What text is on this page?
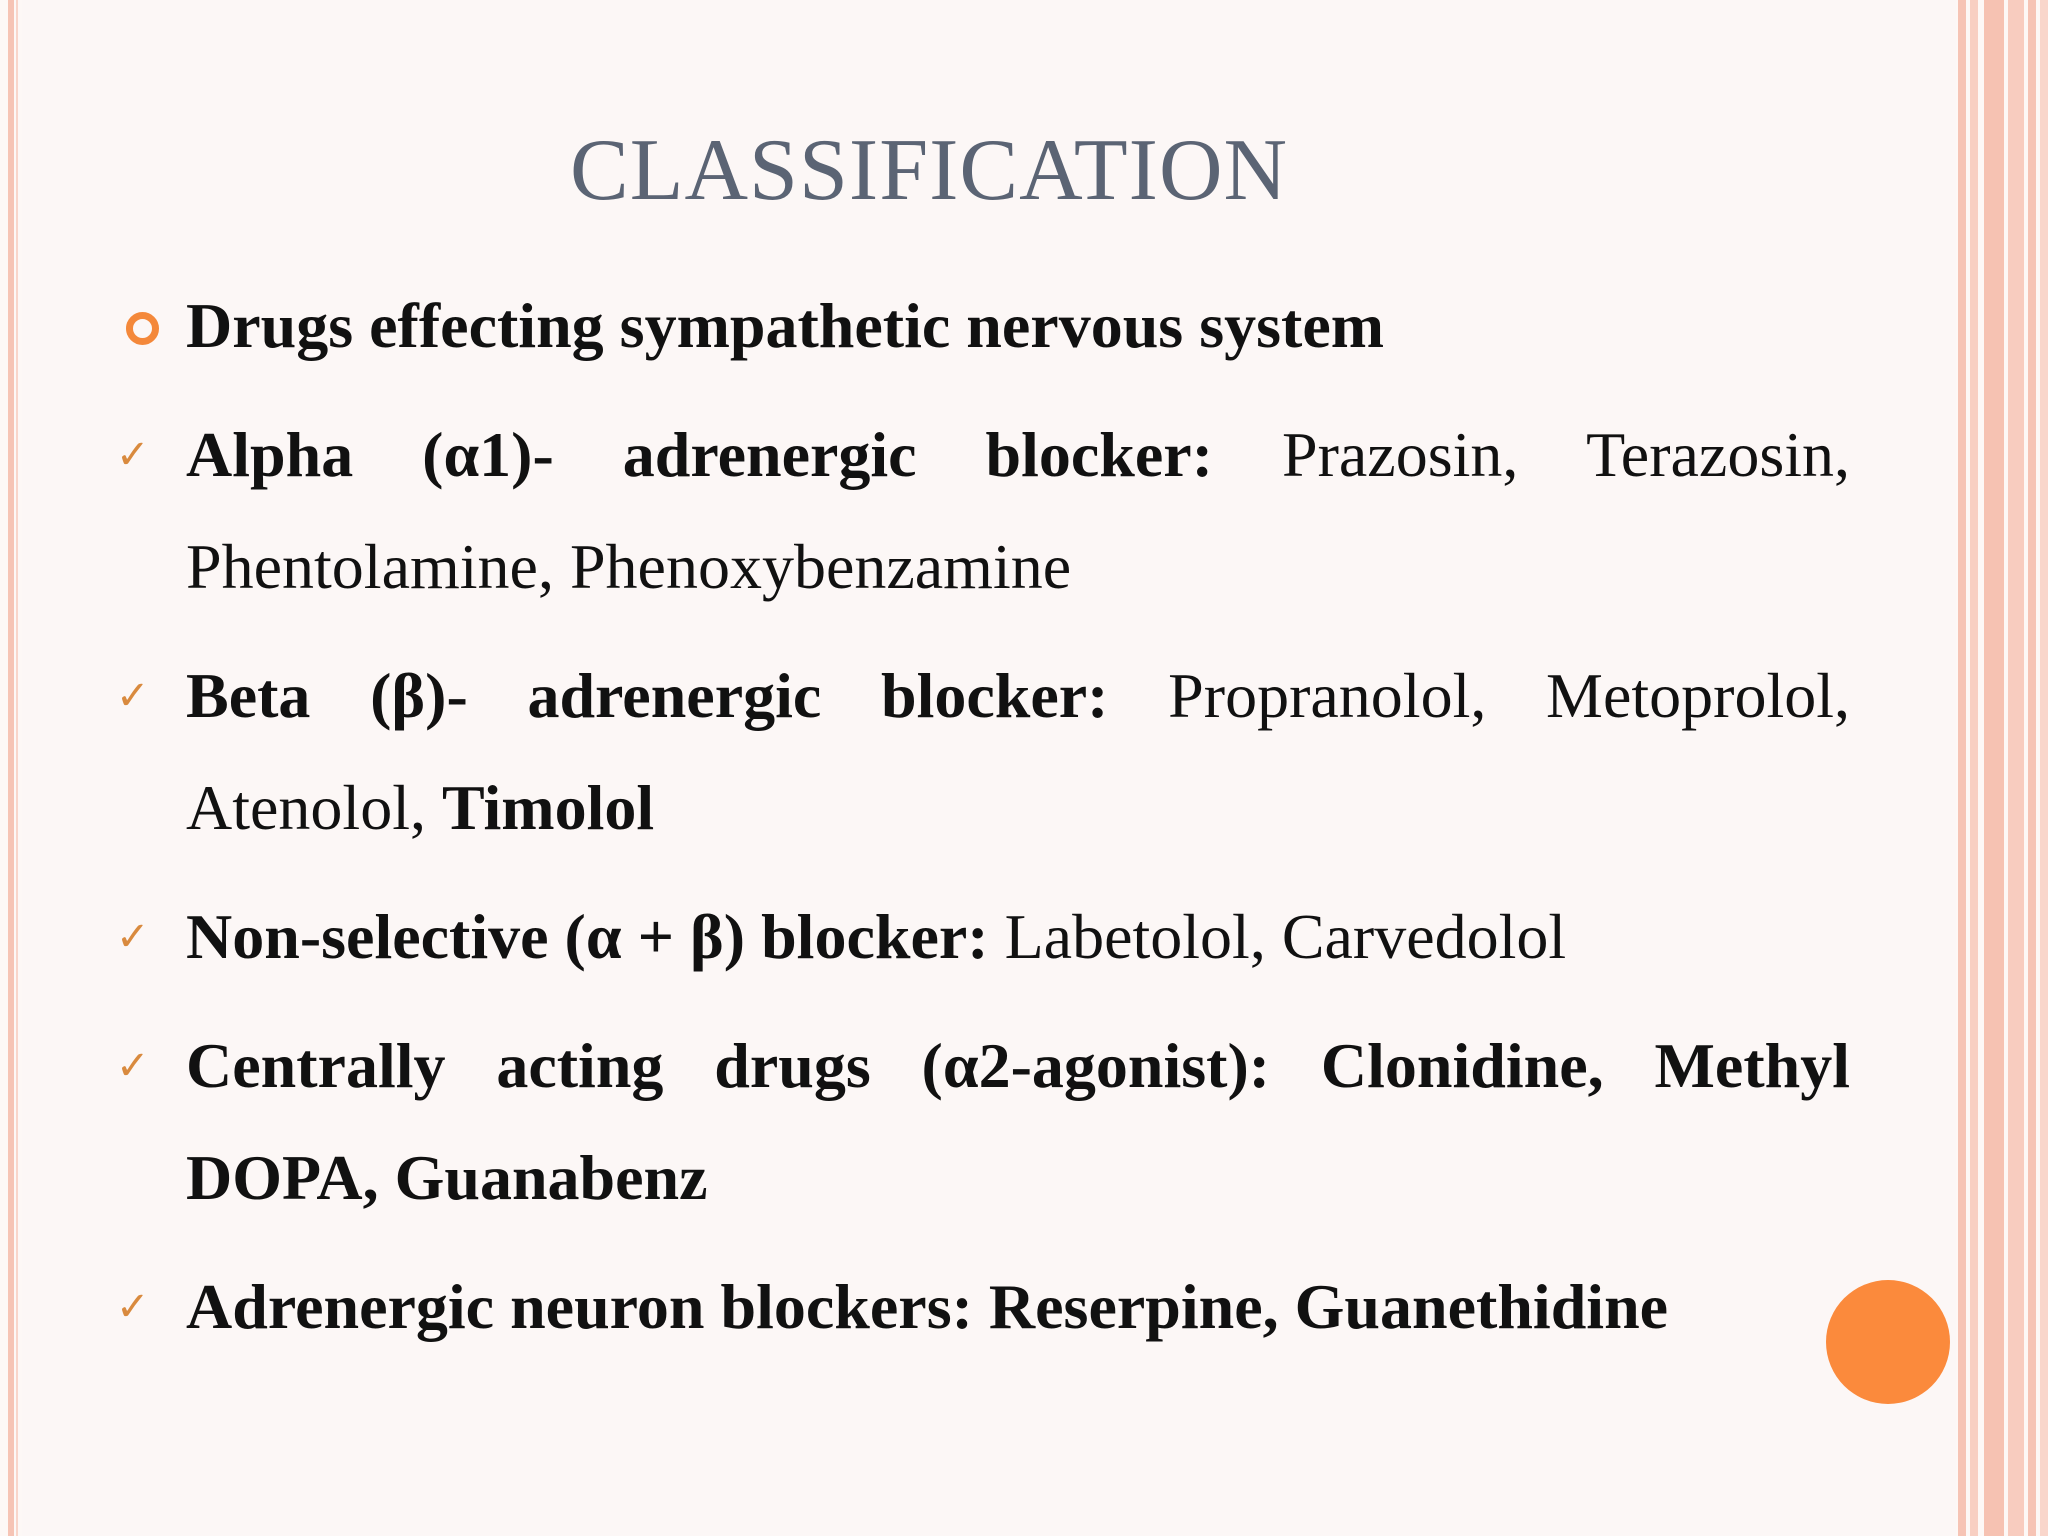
CLASSIFICATION
Drugs effecting sympathetic nervous system
✓ Alpha (α1)- adrenergic blocker: Prazosin, Terazosin, Phentolamine, Phenoxybenzamine
✓ Beta (β)- adrenergic blocker: Propranolol, Metoprolol, Atenolol, Timolol
✓ Non-selective (α + β) blocker: Labetolol, Carvedolol
✓ Centrally acting drugs (α2-agonist): Clonidine, Methyl DOPA, Guanabenz
✓ Adrenergic neuron blockers: Reserpine, Guanethidine
